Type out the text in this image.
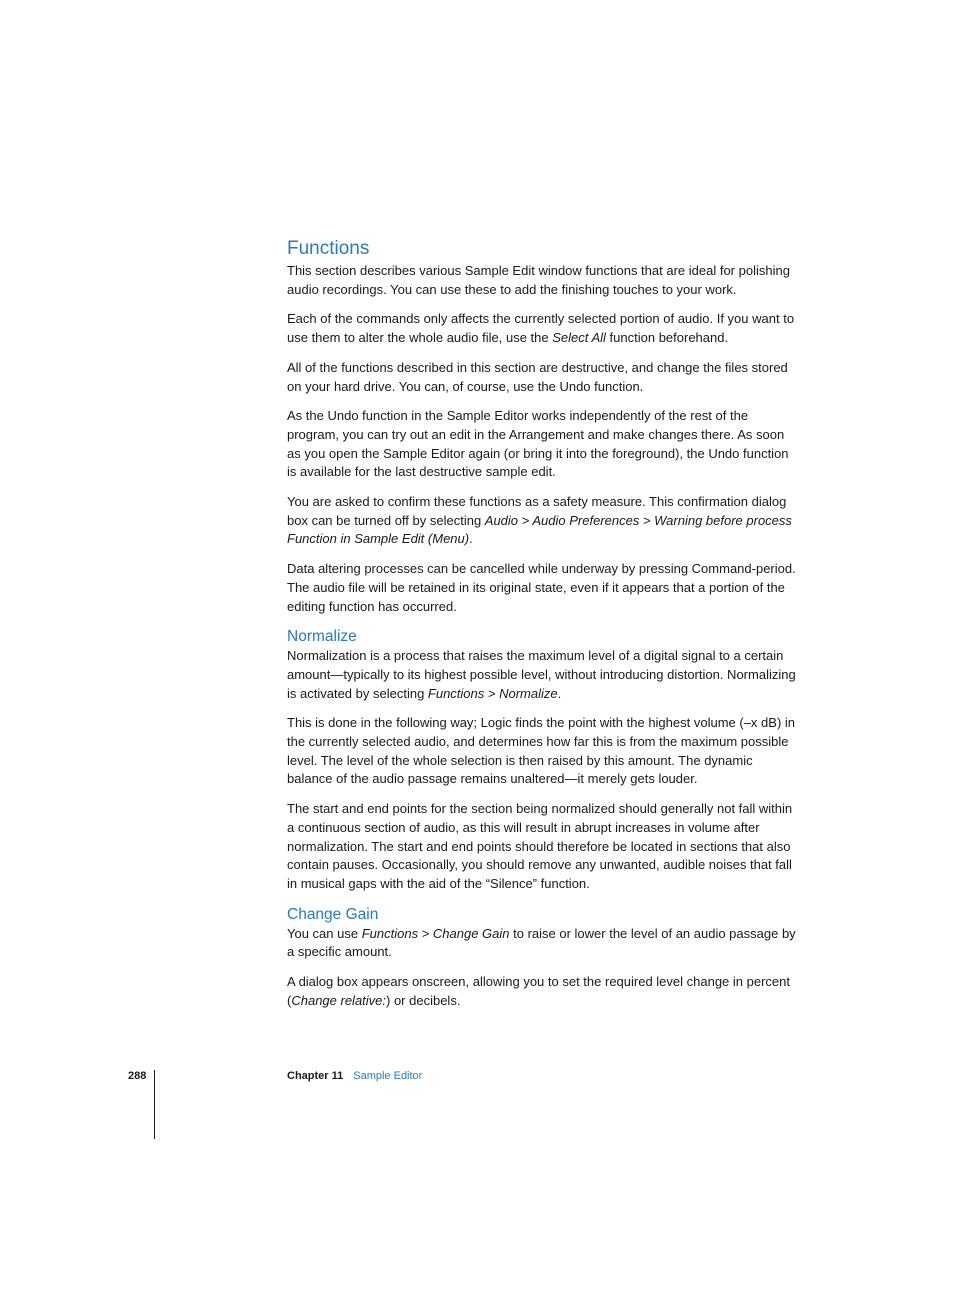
Functions

This section describes various Sample Edit window functions that are ideal for polishing audio recordings. You can use these to add the finishing touches to your work.

Each of the commands only affects the currently selected portion of audio. If you want to use them to alter the whole audio file, use the Select All function beforehand.

All of the functions described in this section are destructive, and change the files stored on your hard drive. You can, of course, use the Undo function.

As the Undo function in the Sample Editor works independently of the rest of the program, you can try out an edit in the Arrangement and make changes there. As soon as you open the Sample Editor again (or bring it into the foreground), the Undo function is available for the last destructive sample edit.

You are asked to confirm these functions as a safety measure. This confirmation dialog box can be turned off by selecting Audio > Audio Preferences > Warning before process Function in Sample Edit (Menu).

Data altering processes can be cancelled while underway by pressing Command-period. The audio file will be retained in its original state, even if it appears that a portion of the editing function has occurred.

Normalize

Normalization is a process that raises the maximum level of a digital signal to a certain amount—typically to its highest possible level, without introducing distortion. Normalizing is activated by selecting Functions > Normalize.

This is done in the following way; Logic finds the point with the highest volume (–x dB) in the currently selected audio, and determines how far this is from the maximum possible level. The level of the whole selection is then raised by this amount. The dynamic balance of the audio passage remains unaltered—it merely gets louder.

The start and end points for the section being normalized should generally not fall within a continuous section of audio, as this will result in abrupt increases in volume after normalization. The start and end points should therefore be located in sections that also contain pauses. Occasionally, you should remove any unwanted, audible noises that fall in musical gaps with the aid of the “Silence” function.

Change Gain

You can use Functions > Change Gain to raise or lower the level of an audio passage by a specific amount.

A dialog box appears onscreen, allowing you to set the required level change in percent (Change relative:) or decibels.

288	Chapter 11 Sample Editor
